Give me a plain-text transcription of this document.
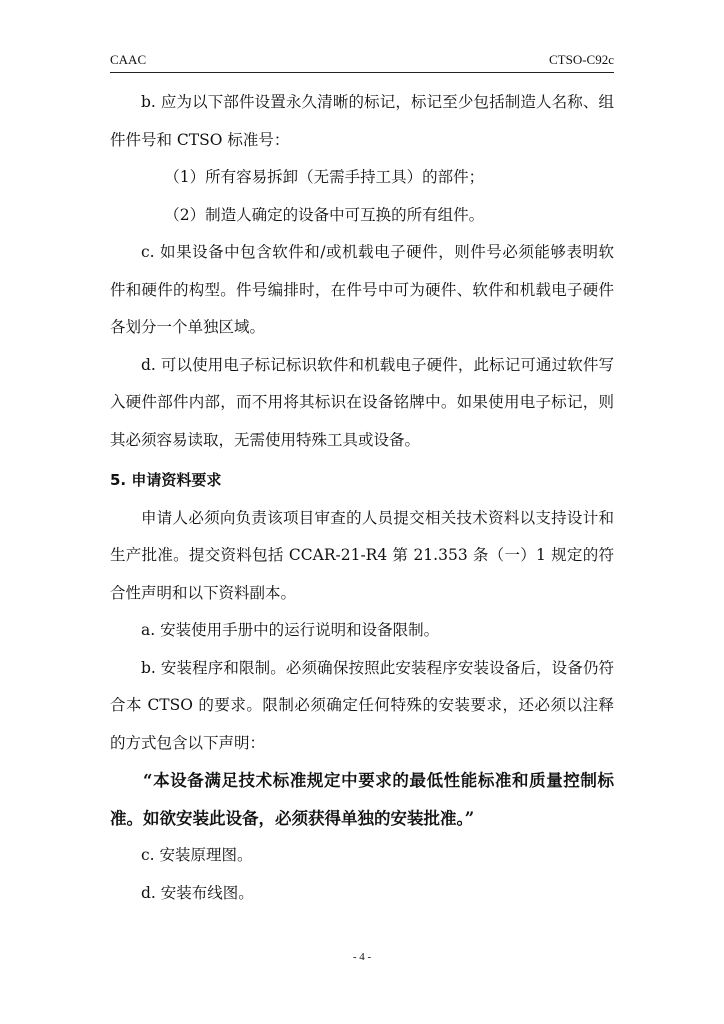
CAAC	CTSO-C92c

b. 应为以下部件设置永久清晰的标记，标记至少包括制造人名称、组件件号和 CTSO 标准号：

（1）所有容易拆卸（无需手持工具）的部件；

（2）制造人确定的设备中可互换的所有组件。

c. 如果设备中包含软件和/或机载电子硬件，则件号必须能够表明软件和硬件的构型。件号编排时，在件号中可为硬件、软件和机载电子硬件各划分一个单独区域。

d. 可以使用电子标记标识软件和机载电子硬件，此标记可通过软件写入硬件部件内部，而不用将其标识在设备铭牌中。如果使用电子标记，则其必须容易读取，无需使用特殊工具或设备。

5. 申请资料要求

申请人必须向负责该项目审查的人员提交相关技术资料以支持设计和生产批准。提交资料包括 CCAR-21-R4 第 21.353 条（一）1 规定的符合性声明和以下资料副本。

a. 安装使用手册中的运行说明和设备限制。

b. 安装程序和限制。必须确保按照此安装程序安装设备后，设备仍符合本 CTSO 的要求。限制必须确定任何特殊的安装要求，还必须以注释的方式包含以下声明：

“本设备满足技术标准规定中要求的最低性能标准和质量控制标准。如欲安装此设备，必须获得单独的安装批准。”

c. 安装原理图。

d. 安装布线图。

- 4 -
